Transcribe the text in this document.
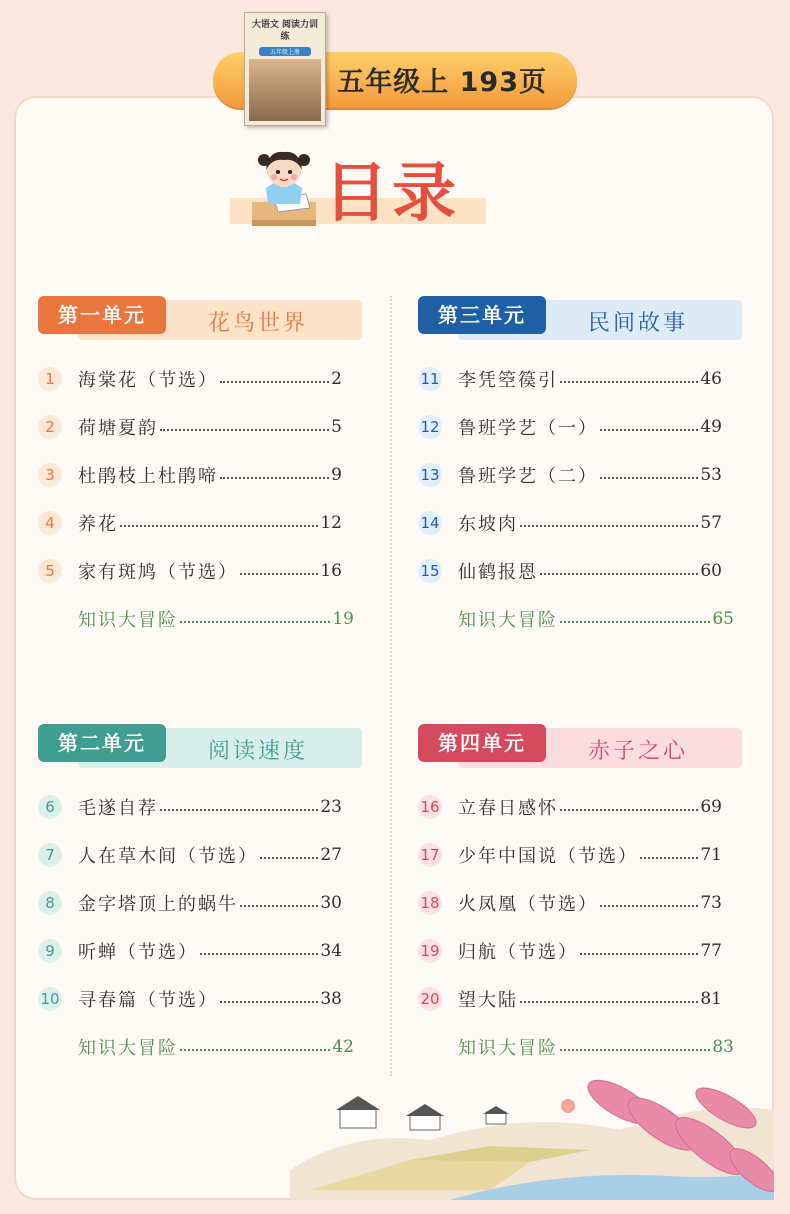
五年级上 193页
大语文 阅读力训练
五年级上册
目录
第一单元	花鸟世界
1	海棠花（节选）	2
2	荷塘夏韵	5
3	杜鹃枝上杜鹃啼	9
4	养花	12
5	家有斑鸠（节选）	16
知识大冒险	19
第二单元	阅读速度
6	毛遂自荐	23
7	人在草木间（节选）	27
8	金字塔顶上的蜗牛	30
9	听蝉（节选）	34
10 寻春篇（节选）	38
知识大冒险	42
第三单元	民间故事
11 李凭箜篌引	46
12 鲁班学艺（一）	49
13 鲁班学艺（二）	53
14 东坡肉	57
15 仙鹤报恩	60
知识大冒险	65
第四单元	赤子之心
16 立春日感怀	69
17 少年中国说（节选）	71
18 火凤凰（节选）	73
19 归航（节选）	77
20 望大陆	81
知识大冒险	83
